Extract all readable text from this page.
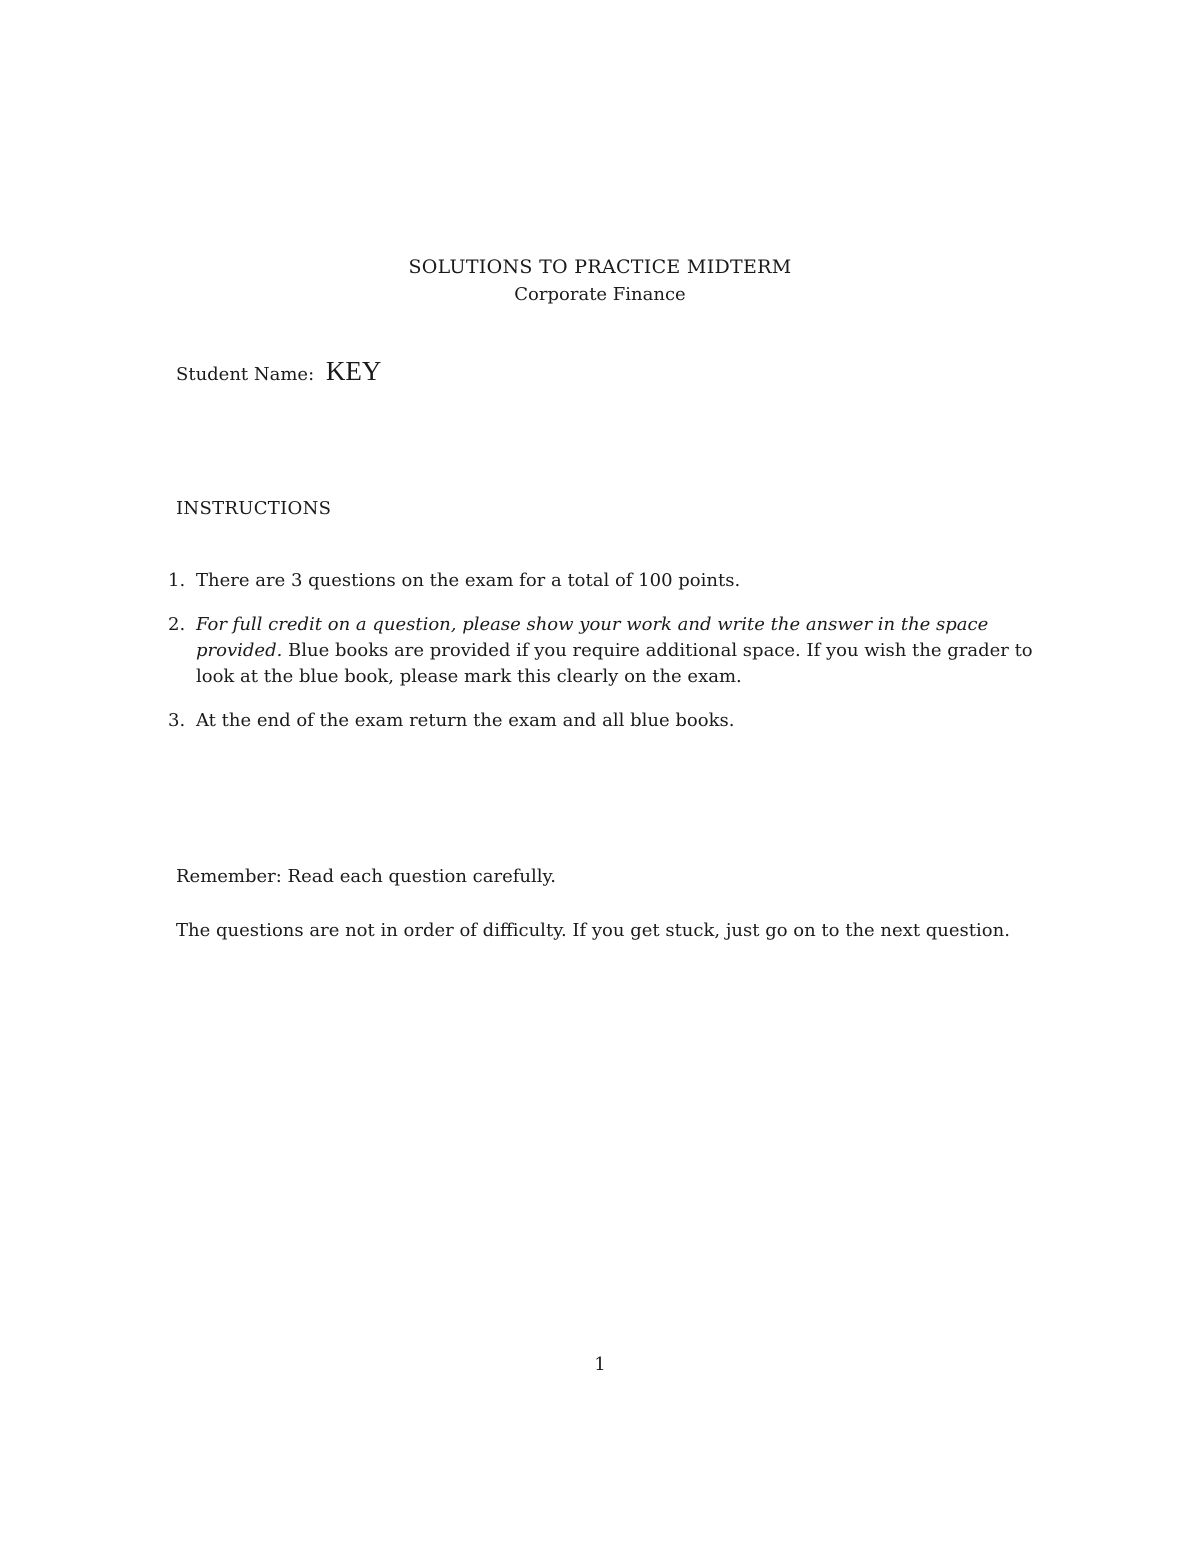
SOLUTIONS TO PRACTICE MIDTERM
Corporate Finance
Student Name: KEY
INSTRUCTIONS
1. There are 3 questions on the exam for a total of 100 points.
2. For full credit on a question, please show your work and write the answer in the space provided. Blue books are provided if you require additional space. If you wish the grader to look at the blue book, please mark this clearly on the exam.
3. At the end of the exam return the exam and all blue books.
Remember: Read each question carefully.
The questions are not in order of difficulty. If you get stuck, just go on to the next question.
1
